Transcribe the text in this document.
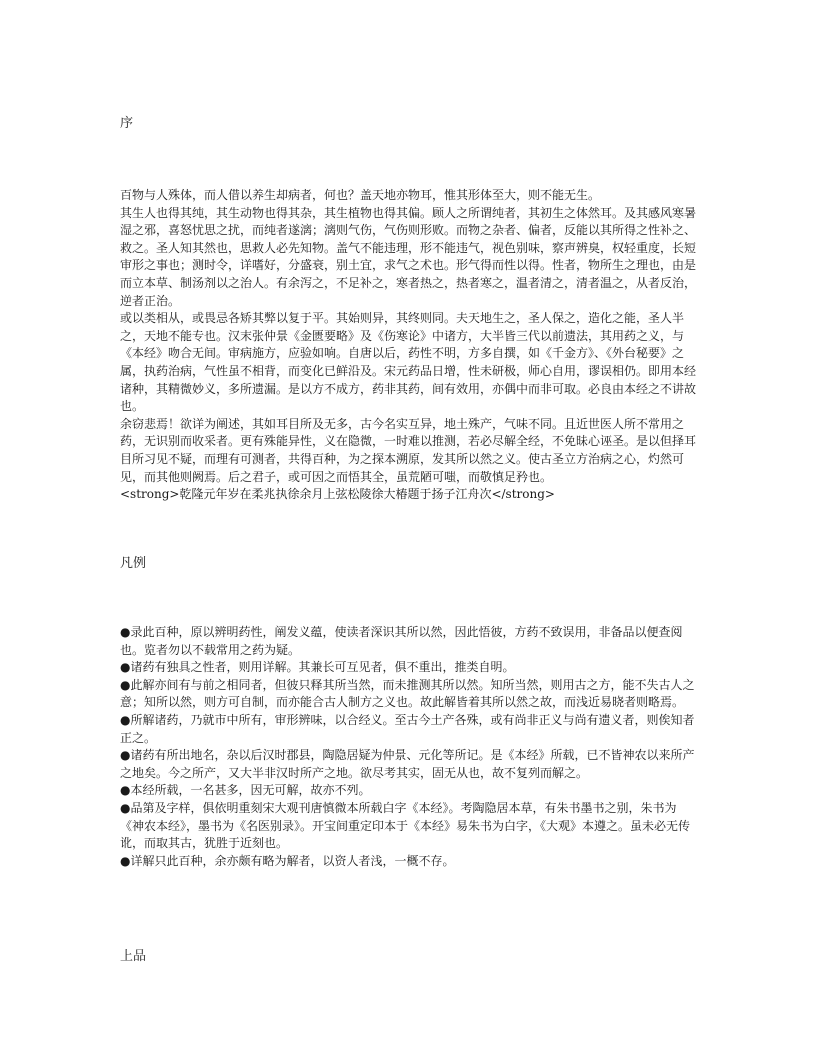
序

百物与人殊体，而人借以养生却病者，何也？盖天地亦物耳，惟其形体至大，则不能无生。

其生人也得其纯，其生动物也得其杂，其生植物也得其偏。顾人之所谓纯者，其初生之体然耳。及其感风寒暑湿之邪，喜怒忧思之扰，而纯者遂漓；漓则气伤，气伤则形败。而物之杂者、偏者，反能以其所得之性补之、救之。圣人知其然也，思救人必先知物。盖气不能违理，形不能违气，视色别味，察声辨臭，权轻重度，长短审形之事也；测时令，详嗜好，分盛衰，别土宜，求气之术也。形气得而性以得。性者，物所生之理也，由是而立本草、制汤剂以之治人。有余泻之，不足补之，寒者热之，热者寒之，温者清之，清者温之，从者反治，逆者正治。

或以类相从，或畏忌各矫其弊以复于平。其始则异，其终则同。夫天地生之，圣人保之，造化之能，圣人半之，天地不能专也。汉末张仲景《金匮要略》及《伤寒论》中诸方，大半皆三代以前遗法，其用药之义，与《本经》吻合无间。审病施方，应验如响。自唐以后，药性不明，方多自撰，如《千金方》、《外台秘要》之属，执药治病，气性虽不相背，而变化已鲜沿及。宋元药品日增，性未研极，师心自用，谬误相仍。即用本经诸种，其精微妙义，多所遗漏。是以方不成方，药非其药，间有效用，亦偶中而非可取。必良由本经之不讲故也。

余窃悲焉！欲详为阐述，其如耳目所及无多，古今名实互异，地土殊产，气味不同。且近世医人所不常用之药，无识别而收采者。更有殊能异性，义在隐微，一时难以推测，若必尽解全经，不免昧心诬圣。是以但择耳目所习见不疑，而理有可测者，共得百种，为之探本溯原，发其所以然之义。使古圣立方治病之心，灼然可见，而其他则阙焉。后之君子，或可因之而悟其全，虽荒陋可嗤，而敬慎足矜也。

<strong>乾隆元年岁在柔兆执徐余月上弦松陵徐大椿题于扬子江舟次</strong>

凡例

●录此百种，原以辨明药性，阐发义蕴，使读者深识其所以然，因此悟彼，方药不致误用，非备品以便查阅也。览者勿以不载常用之药为疑。

●诸药有独具之性者，则用详解。其兼长可互见者，俱不重出，推类自明。

●此解亦间有与前之相同者，但彼只释其所当然，而未推测其所以然。知所当然，则用古之方，能不失古人之意；知所以然，则方可自制，而亦能合古人制方之义也。故此解皆着其所以然之故，而浅近易晓者则略焉。

●所解诸药，乃就市中所有，审形辨味，以合经义。至古今土产各殊，或有尚非正义与尚有遗义者，则俟知者正之。

●诸药有所出地名，杂以后汉时郡县，陶隐居疑为仲景、元化等所记。是《本经》所载，已不皆神农以来所产之地矣。今之所产，又大半非汉时所产之地。欲尽考其实，固无从也，故不复列而解之。

●本经所载，一名甚多，因无可解，故亦不列。

●品第及字样，俱依明重刻宋大观刊唐慎微本所载白字《本经》。考陶隐居本草，有朱书墨书之别，朱书为《神农本经》，墨书为《名医别录》。开宝间重定印本于《本经》易朱书为白字，《大观》本遵之。虽未必无传讹，而取其古，犹胜于近刻也。

●详解只此百种，余亦颇有略为解者，以资人者浅，一概不存。

上品
